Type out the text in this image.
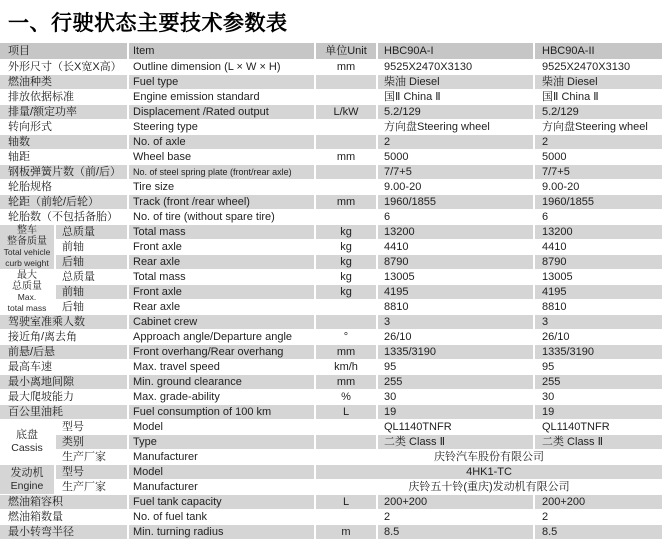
一、行驶状态主要技术参数表
项目		Item	单位Unit	HBC90A-I	HBC90A-II
外形尺寸（长X宽X高）		Outline dimension (L × W × H)	mm	9525X2470X3130	9525X2470X3130
燃油种类		Fuel type		柴油 Diesel	柴油 Diesel
排放依据标准		Engine emission standard		国Ⅱ China Ⅱ	国Ⅱ China Ⅱ
排量/额定功率		Displacement /Rated output	L/kW	5.2/129	5.2/129
转向形式		Steering type		方向盘Steering wheel	方向盘Steering wheel
轴数		No. of axle		2	2
轴距		Wheel base	mm	5000	5000
钢板弹簧片数（前/后）		No. of steel spring plate (front/rear axle)		7/7+5	7/7+5
轮胎规格		Tire size		9.00-20	9.00-20
轮距（前轮/后轮）		Track (front /rear wheel)	mm	1960/1855	1960/1855
轮胎数（不包括备胎）		No. of tire (without spare tire)		6	6

整车
整备质量
Total vehicle
curb weight	总质量	Total mass	kg	13200	13200
	前轴	Front axle	kg	4410	4410
	后轴	Rear axle	kg	8790	8790

最大
总质量
Max.
total mass	总质量	Total mass	kg	13005	13005
	前轴	Front axle	kg	4195	4195
	后轴	Rear axle		8810	8810
驾驶室准乘人数		Cabinet crew		3	3
接近角/离去角		Approach angle/Departure angle	°	26/10	26/10
前悬/后悬		Front overhang/Rear overhang	mm	1335/3190	1335/3190
最高车速		Max. travel speed	km/h	95	95
最小离地间隙		Min. ground clearance	mm	255	255
最大爬坡能力		Max. grade-ability	%	30	30
百公里油耗		Fuel consumption of 100 km	L	19	19

底盘
Cassis	型号	Model		QL1140TNFR	QL1140TNFR
	类别	Type		二类 Class Ⅱ	二类 Class Ⅱ
	生产厂家	Manufacturer	庆铃汽车股份有限公司		

发动机
Engine	型号	Model	4HK1-TC		
	生产厂家	Manufacturer	庆铃五十铃(重庆)发动机有限公司		
燃油箱容积		Fuel tank capacity	L	200+200	200+200
燃油箱数量		No. of fuel tank		2	2
最小转弯半径		Min. turning radius	m	8.5	8.5
